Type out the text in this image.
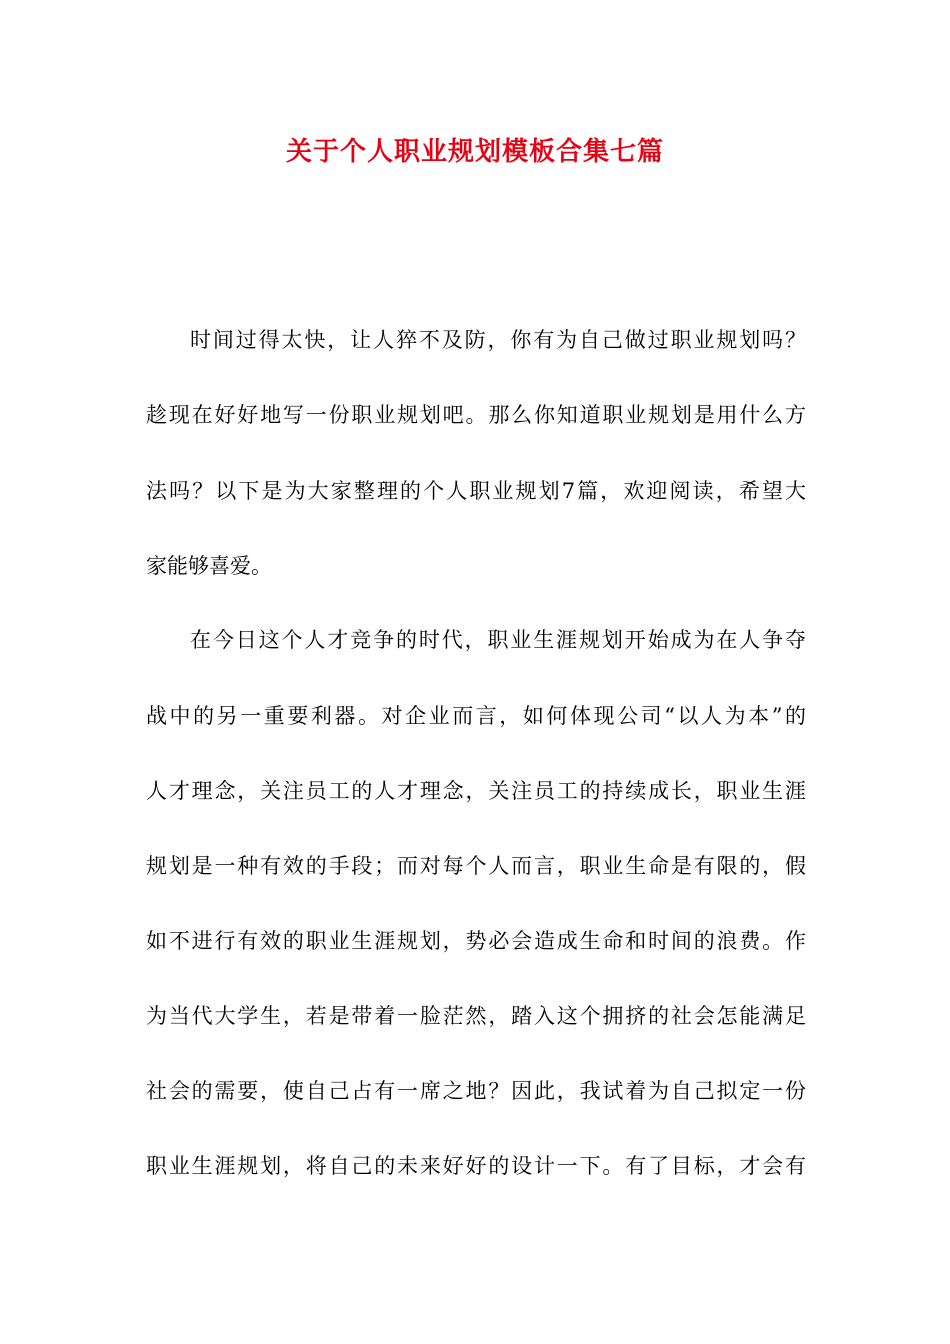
关于个人职业规划模板合集七篇
时间过得太快，让人猝不及防，你有为自己做过职业规划吗？
趁现在好好地写一份职业规划吧。那么你知道职业规划是用什么方
法吗？以下是为大家整理的个人职业规划7篇，欢迎阅读，希望大
家能够喜爱。
在今日这个人才竞争的时代，职业生涯规划开始成为在人争夺
战中的另一重要利器。对企业而言，如何体现公司“以人为本”的
人才理念，关注员工的人才理念，关注员工的持续成长，职业生涯
规划是一种有效的手段；而对每个人而言，职业生命是有限的，假
如不进行有效的职业生涯规划，势必会造成生命和时间的浪费。作
为当代大学生，若是带着一脸茫然，踏入这个拥挤的社会怎能满足
社会的需要，使自己占有一席之地？因此，我试着为自己拟定一份
职业生涯规划，将自己的未来好好的设计一下。有了目标，才会有
